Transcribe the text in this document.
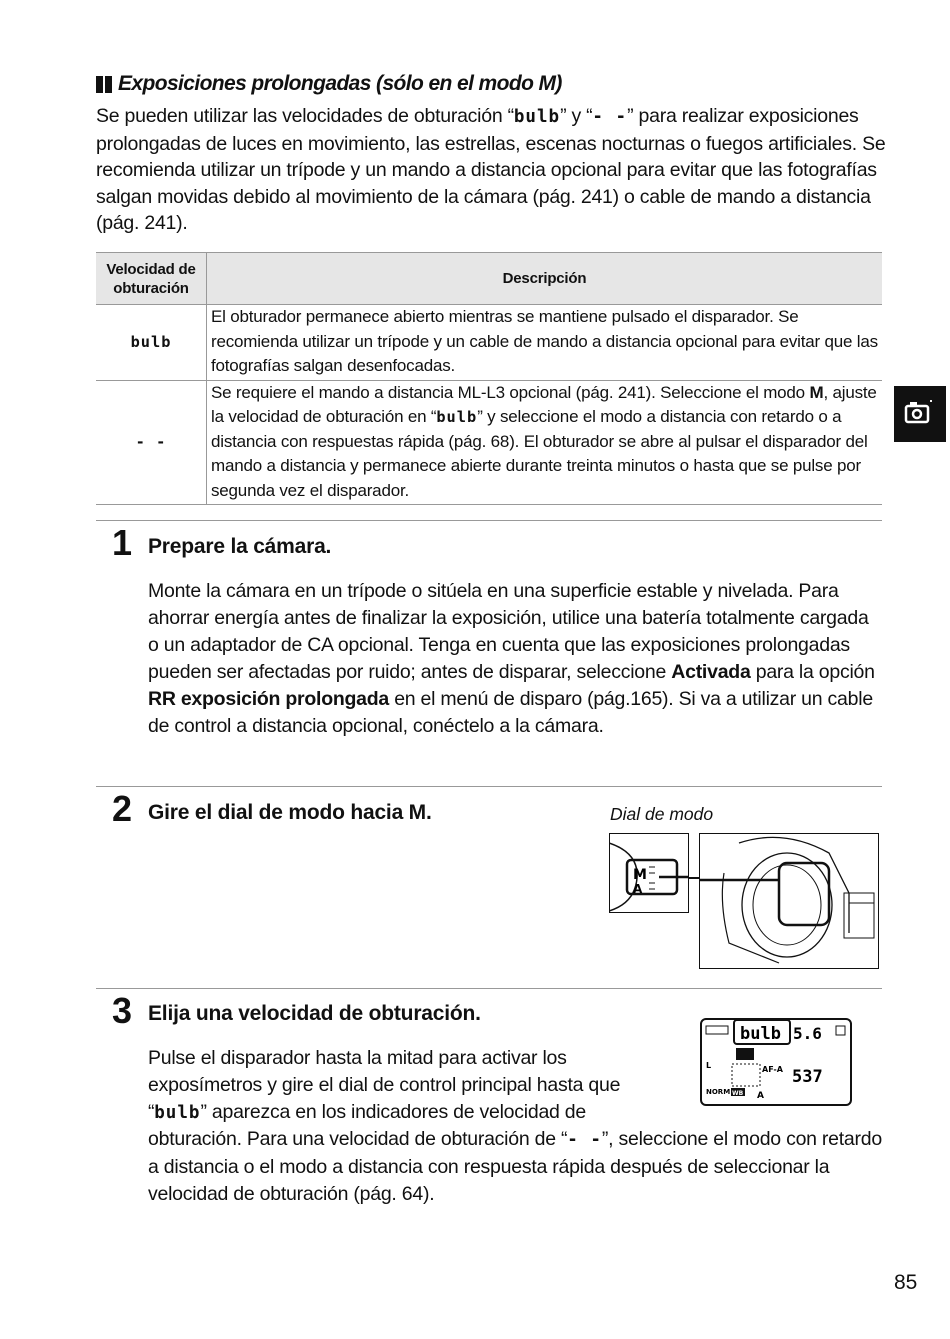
Exposiciones prolongadas (sólo en el modo M)
Se pueden utilizar las velocidades de obturación “bulb” y “- -” para realizar exposiciones prolongadas de luces en movimiento, las estrellas, escenas nocturnas o fuegos artificiales. Se recomienda utilizar un trípode y un mando a distancia opcional para evitar que las fotografías salgan movidas debido al movimiento de la cámara (pág. 241) o cable de mando a distancia (pág. 241).
Velocidad de obturación	Descripción
bulb	El obturador permanece abierto mientras se mantiene pulsado el disparador. Se recomienda utilizar un trípode y un cable de mando a distancia opcional para evitar que las fotografías salgan desenfocadas.
- -	Se requiere el mando a distancia ML-L3 opcional (pág. 241). Seleccione el modo M, ajuste la velocidad de obturación en “bulb” y seleccione el modo a distancia con retardo o a distancia con respuestas rápida (pág. 68). El obturador se abre al pulsar el disparador del mando a distancia y permanece abierte durante treinta minutos o hasta que se pulse por segunda vez el disparador.
1 Prepare la cámara.
Monte la cámara en un trípode o sitúela en una superficie estable y nivelada. Para ahorrar energía antes de finalizar la exposición, utilice una batería totalmente cargada o un adaptador de CA opcional. Tenga en cuenta que las exposiciones prolongadas pueden ser afectadas por ruido; antes de disparar, seleccione Activada para la opción RR exposición prolongada en el menú de disparo (pág.165). Si va a utilizar un cable de control a distancia opcional, conéctelo a la cámara.
2 Gire el dial de modo hacia M.	Dial de modo
M
A
3 Elija una velocidad de obturación.
bulb 5.6
L	AF-A 537
NORM WB A
85
Pulse el disparador hasta la mitad para activar los exposímetros y gire el dial de control principal hasta que “bulb” aparezca en los indicadores de velocidad de
obturación. Para una velocidad de obturación de “- -”, seleccione el modo con retardo a distancia o el modo a distancia con respuesta rápida después de seleccionar la velocidad de obturación (pág. 64).
